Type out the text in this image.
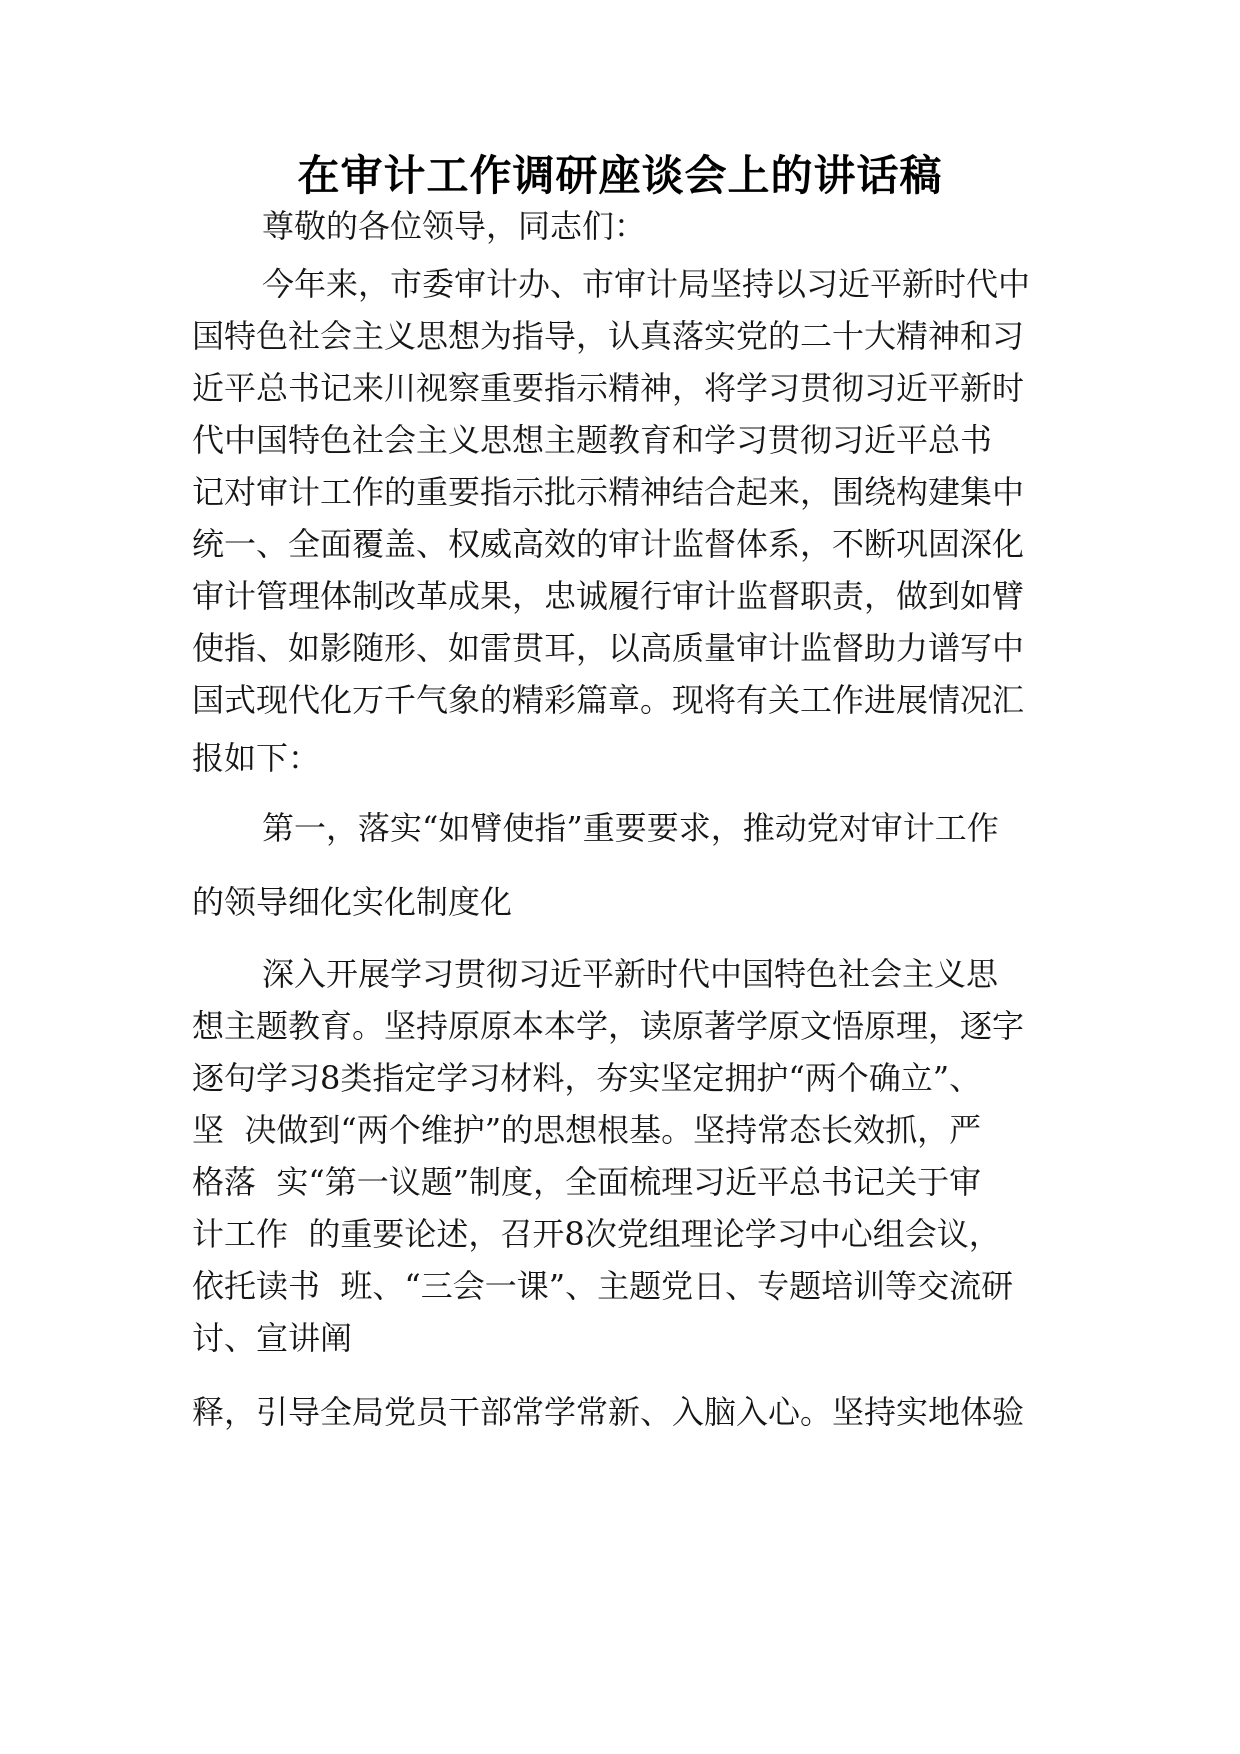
在审计工作调研座谈会上的讲话稿
尊敬的各位领导，同志们：
今年来，市委审计办、市审计局坚持以习近平新时代中
国特色社会主义思想为指导，认真落实党的二十大精神和习
近平总书记来川视察重要指示精神，将学习贯彻习近平新时
代中国特色社会主义思想主题教育和学习贯彻习近平总书
记对审计工作的重要指示批示精神结合起来，围绕构建集中
统一、全面覆盖、权威高效的审计监督体系，不断巩固深化
审计管理体制改革成果，忠诚履行审计监督职责，做到如臂
使指、如影随形、如雷贯耳，以高质量审计监督助力谱写中
国式现代化万千气象的精彩篇章。现将有关工作进展情况汇
报如下：
第一，落实“如臂使指”重要要求，推动党对审计工作
的领导细化实化制度化
深入开展学习贯彻习近平新时代中国特色社会主义思
想主题教育。坚持原原本本学，读原著学原文悟原理，逐字
逐句学习8类指定学习材料，夯实坚定拥护“两个确立”、
坚  决做到“两个维护”的思想根基。坚持常态长效抓，严
格落  实“第一议题”制度，全面梳理习近平总书记关于审
计工作  的重要论述，召开8次党组理论学习中心组会议，
依托读书  班、“三会一课”、主题党日、专题培训等交流研
讨、宣讲阐
释，引导全局党员干部常学常新、入脑入心。坚持实地体验
